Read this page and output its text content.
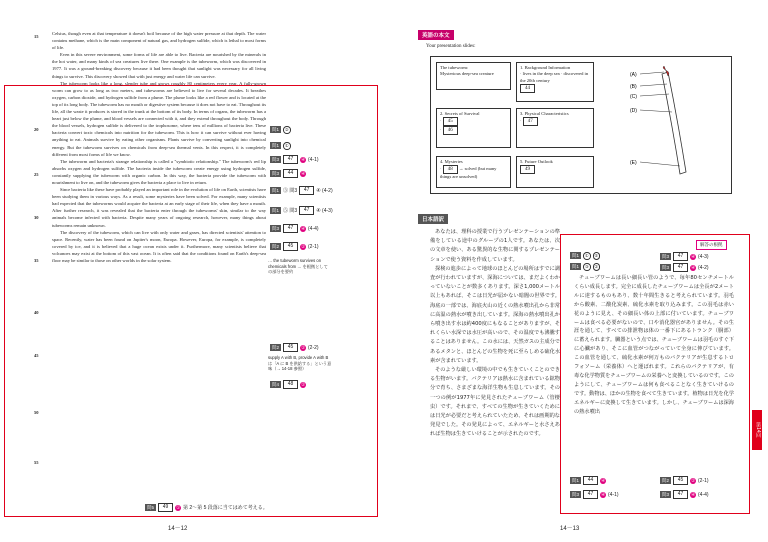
15
20
25
30
35
40
45
50
55

Celsius, though even at that temperature it doesn't boil because of the high water pressure at that depth. The water contains methane, which is the main component of natural gas, and hydrogen sulfide, which is lethal to most forms of life.

Even in this severe environment, some forms of life are able to live. Bacteria are nourished by the minerals in the hot water, and many kinds of sea creatures live there. One example is the tubeworm, which was discovered in 1977. It was a ground-breaking discovery because it had been thought that sunlight was necessary for all living things to survive. This discovery showed that with just energy and water life can survive.

The tubeworm looks like a long, slender tube and grows roughly 80 centimeters every year. A fully-grown worm can grow to as long as two meters, and tubeworms are believed to live for several decades. It breathes oxygen, carbon dioxide, and hydrogen sulfide from a plume. The plume looks like a red flower and is located at the top of its long body. The tubeworm has no mouth or digestive system because it does not have to eat. Throughout its life, all the waste it produces is stored in the trunk at the bottom of its body. In terms of organs, the tubeworm has a heart just below the plume, and blood vessels are connected with it, and they extend throughout the body. Through the blood vessels, hydrogen sulfide is delivered to the trophosome, where tens of millions of bacteria live. These bacteria convert toxic chemicals into nutrition for the tubeworm. This is how it can survive without ever having anything to eat. Animals survive by eating other organisms. Plants survive by converting sunlight into chemical energy. But the tubeworm survives on chemicals from deep-sea thermal vents. In this respect, it is completely different from most forms of life we know.

The tubeworm and bacteria's strange relationship is called a "symbiotic relationship." The tubeworm's red lip absorbs oxygen and hydrogen sulfide. The bacteria inside the tubeworm create energy using hydrogen sulfide, constantly supplying the tubeworm with organic carbon. In this way, the bacteria provide the tubeworm with nourishment to live on, and the tubeworm gives the bacteria a place to live in return.

Since bacteria like these have probably played an important role in the evolution of life on Earth, scientists have been studying them in various ways. As a result, some mysteries have been solved. For example, many scientists had expected that the tubeworms would acquire the bacteria at an early stage of their life, when they have a mouth. After further research, it was revealed that the bacteria enter through the tubeworms' skin, similar to the way animals become infected with bacteria. Despite many years of ongoing research, however, many things about tubeworms remain unknown.

The discovery of the tubeworm, which can live with only water and gases, has directed scientists' attention to space. Recently, water has been found on Jupiter's moon, Europa. However, Europa, for example, is completely covered by ice, and it is believed that a huge ocean exists under it. Furthermore, many scientists believe that volcanoes may exist at the bottom of this vast ocean. It is often said that the conditions found on Earth's deep-sea floor may be similar to those on other worlds in the solar system.

問1	②
問1	①
問3	47	④ (4-1)
問3	44	④
問1 ③ 問3	47	④ (4-2)
問1 ⑤ 問3	47	④ (4-3)
問3	47	④ (4-4)
問2	45	② (2-1)
… the tubeworm survives on chemicals from … を根拠として の部分を要約
問2	45	② (2-2)
supply A with B, provide A with B は「A に B を供給する」という意味（→ 14-18 参照）
問4	48	②
問5	49	① 第 2～第 5 段落に当てはめて考える。
14－12
英語の本文
Your presentation slides:
The tubeworm:
Mysterious deep-sea creature
1. Background Information
· lives in the deep sea · discovered in the 20th century
44
2. Secrets of Survival
· 45
· 46
3. Physical Characteristics
· 47
4. Mysteries
· 48 → solved (but many things are unsolved)
5. Future Outlook
49
(A)
(B)
(C)
(D)
(E)
日本語訳

あなたは、理科の授業で行うプレゼンテーションの準備をしている途中のグループの1人です。あなたは、次の文章を使い、ある驚異的な生物に関するプレゼンテーションで使う資料を作成しています。

探検の進歩によって地球のほとんどの場所はすでに調査が行われていますが、深海については、まだよくわかっていないことが数多くあります。深さ1,000メートル以上もあれば、そこは日光が届かない暗闇の世界です。海底の一部では、海底火山の近くの熱水噴出孔から非常に高温の熱水が噴き出しています。深海の熱水噴出孔から噴き出す水は約400度にもなることがありますが、それくらい水深では水圧が高いので、その温度でも沸騰することはありません。この水には、天然ガスの主成分であるメタンと、ほとんどの生物を死に至らしめる硫化水素が含まれています。

そのような厳しい環境の中でも生きていくことのできる生物がいます。バクテリアは熱水に含まれている鉱物分で育ち、さまざまな海洋生物も生息しています。その一つの例が1977年に発見されたチューブワーム（管棲虫）です。それまで、すべての生物が生きていくためには日光が必要だと考えられていたため、それは画期的な発見でした。その発見によって、エネルギーと水さえあれば生物は生きていけることが示されたのです。

解答の根拠
問1	①	⑤	問3	47	④ (4-3)
問1	③	②	問3	47	④ (4-2)

チューブワームは長い細長い管のようで、毎年80センチメートルくらい成長します。完全に成長したチューブワームは全長が2メートルに達するものもあり、数十年間生きると考えられています。羽毛から酸素、二酸化炭素、硫化水素を取り込みます。この羽毛は赤い花のように見え、その細長い体の上部に付いています。チューブワームは食べる必要がないので、口や消化器官がありません。その生涯を通して、すべての排泄物は体の一番下にあるトランク（胴部）に蓄えられます。臓器という点では、チューブワームは羽毛のすぐ下に心臓があり、そこに血管がつながっていて全身に伸びています。この血管を通して、硫化水素が何万ものバクテリアが生息するトロフォソーム（栄養体）へと運ばれます。これらのバクテリアが、有毒な化学物質をチューブワームの栄養へと変換しているのです。このようにして、チューブワームは何も食べることなく生きていけるのです。動物は、ほかの生物を食べて生きています。植物は日光を化学エネルギーに変換して生きています。しかし、チューブワームは深海の熱水噴出

問1	44	④	問2	45	② (2-1)
問3	47	④ (4-1)	問3	47	④ (4-4)
第14回
14－13
